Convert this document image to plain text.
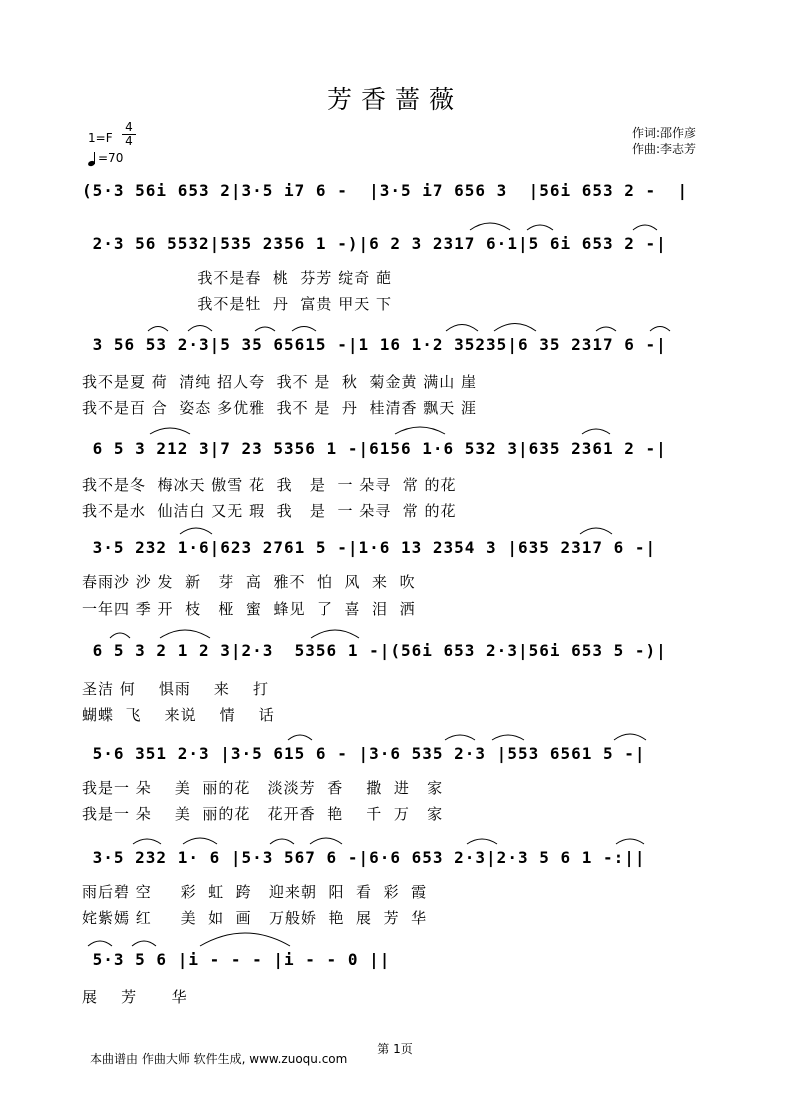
芳香蔷薇
1=F
4
4
=70
作词:邵作彦
作曲:李志芳
(5·3 56i 653 2|3·5 i7 6 -  |3·5 i7 656 3  |56i 653 2 -  |
2·3 56 5532|535 2356 1 -)|6 2 3 2317 6·1|5 6i 653 2 -|
我不是春  桃  芬芳 绽奇 葩
我不是牡  丹  富贵 甲天 下
3 56 53 2·3|5 35 65615 -|1 16 1·2 35235|6 35 2317 6 -|
我不是夏 荷  清纯 招人夸  我不 是  秋  菊金黄 满山 崖
我不是百 合  姿态 多优雅  我不 是  丹  桂清香 飘天 涯
6 5 3 212 3|7 23 5356 1 -|6156 1·6 532 3|635 2361 2 -|
我不是冬  梅冰天 傲雪 花  我   是  一 朵寻  常 的花
我不是水  仙洁白 又无 瑕  我   是  一 朵寻  常 的花
3·5 232 1·6|623 2761 5 -|1·6 13 2354 3 |635 2317 6 -|
春雨沙 沙 发  新   芽  高  雅不  怕  风  来  吹
一年四 季 开  枝   桠  蜜  蜂见  了  喜  泪  洒
6 5 3 2 1 2 3|2·3  5356 1 -|(56i 653 2·3|56i 653 5 -)|
圣洁 何    惧雨    来    打
蝴蝶  飞    来说    情    话
5·6 351 2·3 |3·5 615 6 - |3·6 535 2·3 |553 6561 5 -|
我是一 朵    美  丽的花   淡淡芳  香    撒  进   家
我是一 朵    美  丽的花   花开香  艳    千  万   家
3·5 232 1· 6 |5·3 567 6 -|6·6 653 2·3|2·3 5 6 1 -:||
雨后碧 空     彩  虹  跨   迎来朝  阳  看  彩  霞
姹紫嫣 红     美  如  画   万般娇  艳  展  芳  华
5·3 5 6 |i - - - |i - - 0 ||
展    芳      华
第 1页
本曲谱由 作曲大师 软件生成, www.zuoqu.com
